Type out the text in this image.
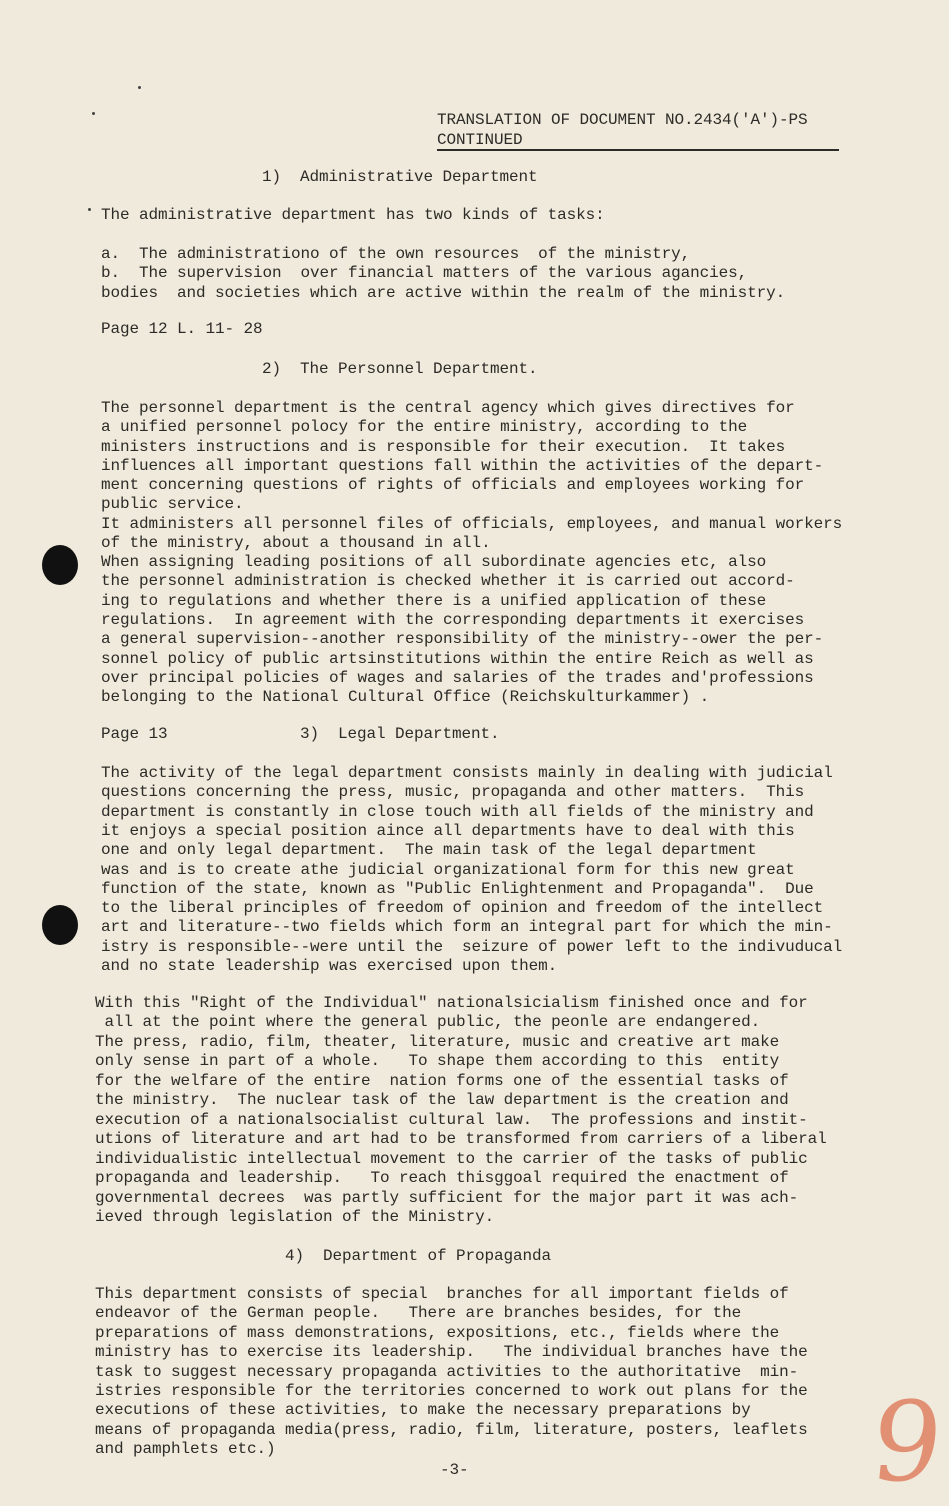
TRANSLATION OF DOCUMENT NO.2434('A')-PS
CONTINUED
1)  Administrative Department
Page 12 L. 11- 28
2)  The Personnel Department.
Page 13	3)  Legal Department.
4)  Department of Propaganda
-3-	9
The administrative department has two kinds of tasks:
a.  The administrationo of the own resources  of the ministry,
b.  The supervision  over financial matters of the various agancies,
bodies  and societies which are active within the realm of the ministry.
The personnel department is the central agency which gives directives for
a unified personnel polocy for the entire ministry, according to the
ministers instructions and is responsible for their execution.  It takes
influences all important questions fall within the activities of the depart-
ment concerning questions of rights of officials and employees working for
public service.
It administers all personnel files of officials, employees, and manual workers
of the ministry, about a thousand in all.
When assigning leading positions of all subordinate agencies etc, also
the personnel administration is checked whether it is carried out accord-
ing to regulations and whether there is a unified application of these
regulations.  In agreement with the corresponding departments it exercises
a general supervision--another responsibility of the ministry--ower the per-
sonnel policy of public artsinstitutions within the entire Reich as well as
over principal policies of wages and salaries of the trades and'professions
belonging to the National Cultural Office (Reichskulturkammer) .
The activity of the legal department consists mainly in dealing with judicial
questions concerning the press, music, propaganda and other matters.  This
department is constantly in close touch with all fields of the ministry and
it enjoys a special position aince all departments have to deal with this
one and only legal department.  The main task of the legal department
was and is to create athe judicial organizational form for this new great
function of the state, known as "Public Enlightenment and Propaganda".  Due
to the liberal principles of freedom of opinion and freedom of the intellect
art and literature--two fields which form an integral part for which the min-
istry is responsible--were until the  seizure of power left to the indivuducal
and no state leadership was exercised upon them.
With this "Right of the Individual" nationalsicialism finished once and for
all at the point where the general public, the peonle are endangered.
The press, radio, film, theater, literature, music and creative art make
only sense in part of a whole.   To shape them according to this  entity
for the welfare of the entire  nation forms one of the essential tasks of
the ministry.  The nuclear task of the law department is the creation and
execution of a nationalsocialist cultural law.  The professions and instit-
utions of literature and art had to be transformed from carriers of a liberal
individualistic intellectual movement to the carrier of the tasks of public
propaganda and leadership.   To reach thisggoal required the enactment of
governmental decrees  was partly sufficient for the major part it was ach-
ieved through legislation of the Ministry.
This department consists of special  branches for all important fields of
endeavor of the German people.   There are branches besides, for the
preparations of mass demonstrations, expositions, etc., fields where the
ministry has to exercise its leadership.   The individual branches have the
task to suggest necessary propaganda activities to the authoritative  min-
istries responsible for the territories concerned to work out plans for the
executions of these activities, to make the necessary preparations by
means of propaganda media(press, radio, film, literature, posters, leaflets
and pamphlets etc.)
